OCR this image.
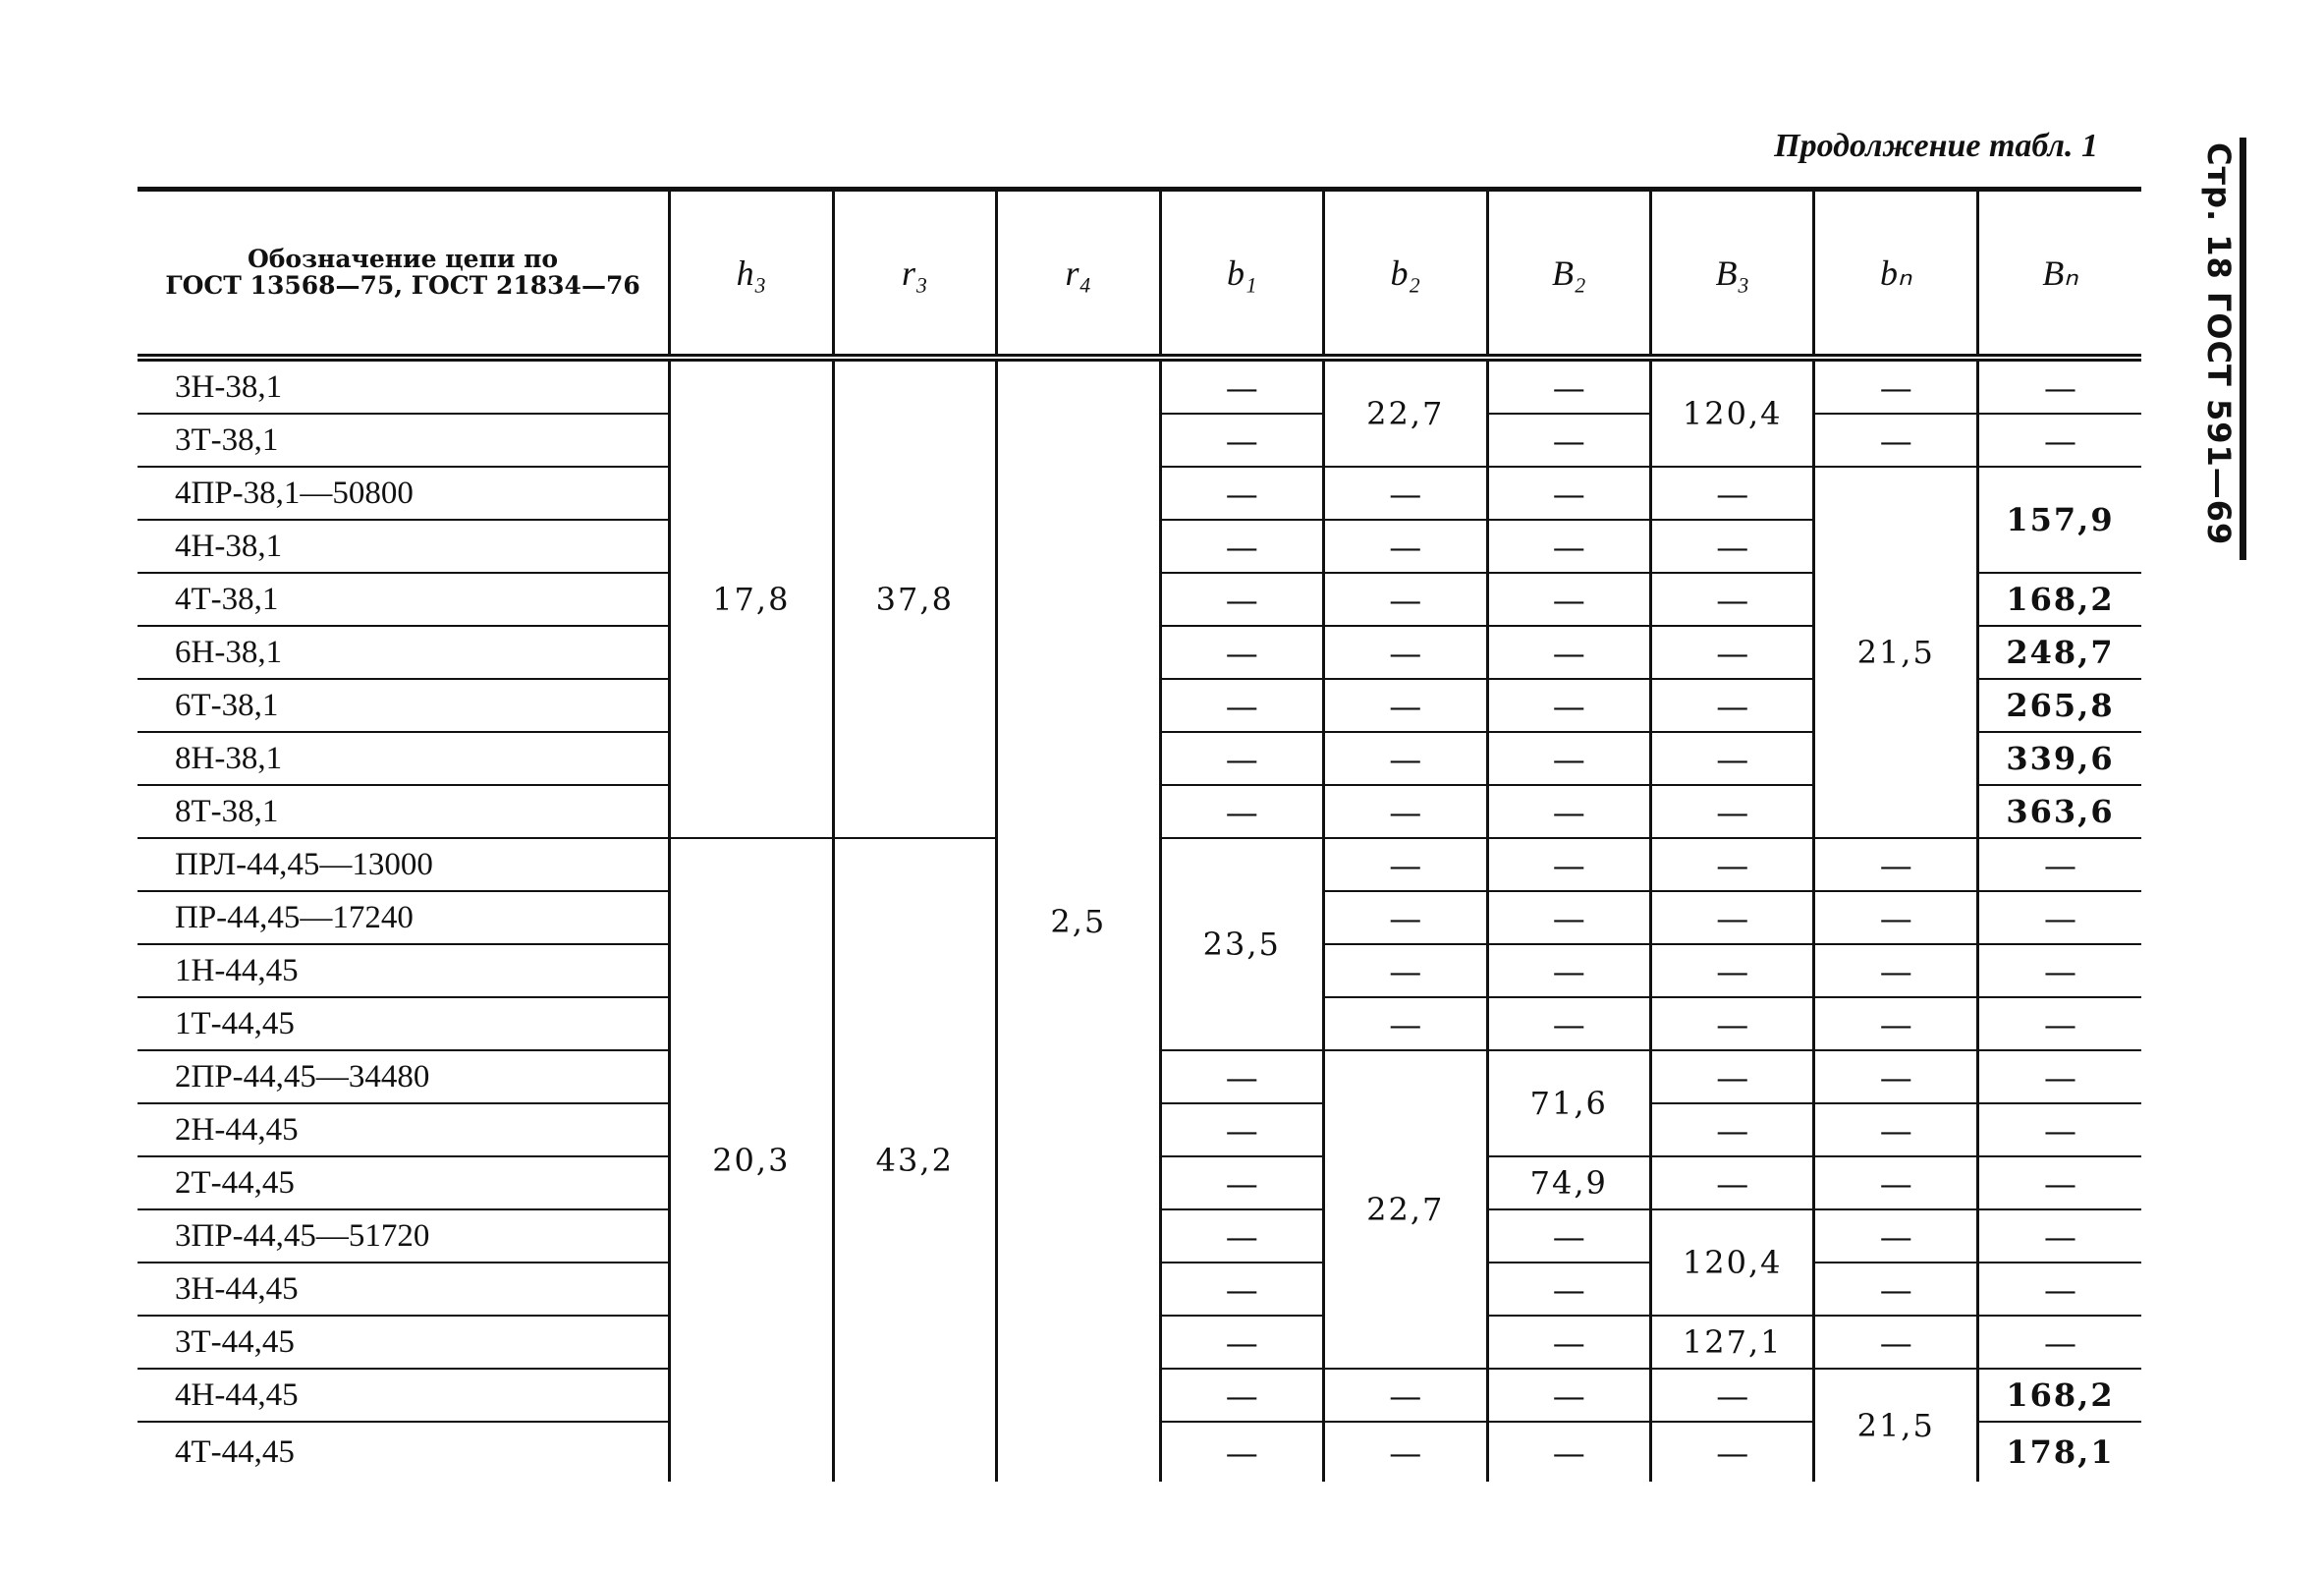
Продолжение табл. 1	Стр. 18 ГОСТ 591—69
Обозначение цепи по
ГОСТ 13568—75, ГОСТ 21834—76	h₃	r₃	r₄	b₁	b₂	B₂	B₃	bₙ	Bₙ
3Н-38,1	17,8	37,8	2,5	—	22,7	—	120,4	—	—
3Т-38,1				—		—		—	—
4ПР-38,1—50800				—	—	—	—	21,5	157,9
4Н-38,1				—	—	—	—		
4Т-38,1				—	—	—	—		168,2
6Н-38,1				—	—	—	—		248,7
6Т-38,1				—	—	—	—		265,8
8Н-38,1				—	—	—	—		339,6
8Т-38,1				—	—	—	—		363,6
ПРЛ-44,45—13000	20,3	43,2		23,5	—	—	—	—	—
ПР-44,45—17240					—	—	—	—	—
1Н-44,45					—	—	—	—	—
1Т-44,45					—	—	—	—	—
2ПР-44,45—34480				—	22,7	71,6	—	—	—
2Н-44,45				—			—	—	—
2Т-44,45				—		74,9	—	—	—
3ПР-44,45—51720				—		—	120,4	—	—
3Н-44,45				—		—		—	—
3Т-44,45				—		—	127,1	—	—
4Н-44,45				—	—	—	—	21,5	168,2
4Т-44,45				—	—	—	—		178,1
